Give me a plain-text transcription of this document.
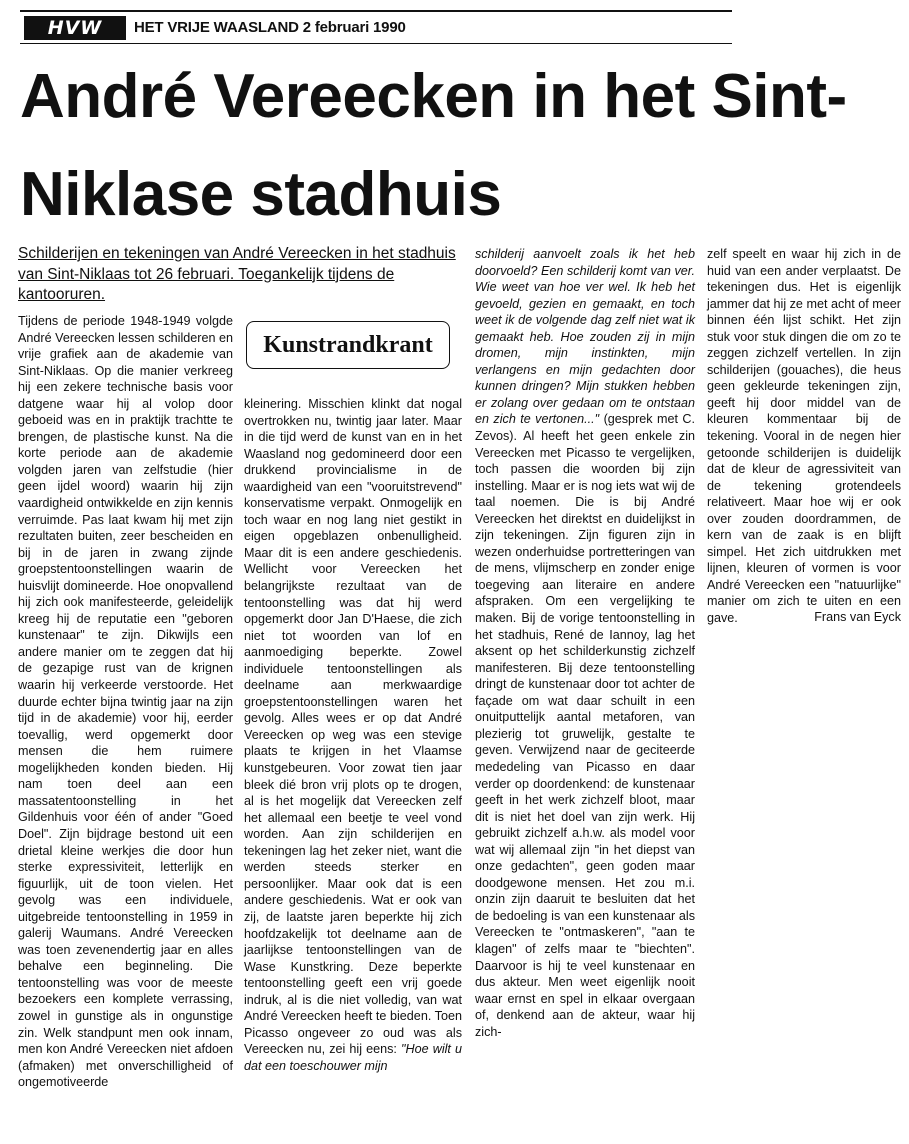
HVW	HET VRIJE WAASLAND 2 februari 1990
André Vereecken in het Sint-Niklase stadhuis

Schilderijen en tekeningen van André Vereecken in het stadhuis van Sint-Niklaas tot 26 februari. Toegankelijk tijdens de kantooruren.

Tijdens de periode 1948-1949 volgde André Vereecken lessen schilderen en vrije grafiek aan de akademie van Sint-Niklaas. Op die manier verkreeg hij een zekere technische basis voor datgene waar hij al volop door geboeid was en in praktijk trachtte te brengen, de plastische kunst. Na die korte periode aan de akademie volgden jaren van zelfstudie (hier geen ijdel woord) waarin hij zijn vaardigheid ontwikkelde en zijn kennis verruimde. Pas laat kwam hij met zijn rezultaten buiten, zeer bescheiden en bij in de jaren in zwang zijnde groepstentoonstellingen waarin de huisvlijt domineerde. Hoe onopvallend hij zich ook manifesteerde, geleidelijk kreeg hij de reputatie een "geboren kunstenaar" te zijn. Dikwijls een andere manier om te zeggen dat hij de gezapige rust van de krignen waarin hij verkeerde verstoorde. Het duurde echter bijna twintig jaar na zijn tijd in de akademie) voor hij, eerder toevallig, werd opgemerkt door mensen die hem ruimere mogelijkheden konden bieden. Hij nam toen deel aan een massatentoonstelling in het Gildenhuis voor één of ander "Goed Doel". Zijn bijdrage bestond uit een drietal kleine werkjes die door hun sterke expressiviteit, letterlijk en figuurlijk, uit de toon vielen. Het gevolg was een individuele, uitgebreide tentoonstelling in 1959 in galerij Waumans. André Vereecken was toen zevenendertig jaar en alles behalve een beginneling. Die tentoonstelling was voor de meeste bezoekers een komplete verrassing, zowel in gunstige als in ongunstige zin. Welk standpunt men ook innam, men kon André Vereecken niet afdoen (afmaken) met onverschilligheid of ongemotiveerde

Kunstrandkrant

kleinering. Misschien klinkt dat nogal overtrokken nu, twintig jaar later. Maar in die tijd werd de kunst van en in het Waasland nog gedomineerd door een drukkend provincialisme in de waardigheid van een "vooruitstrevend" konservatisme verpakt. Onmogelijk en toch waar en nog lang niet gestikt in eigen opgeblazen onbenulligheid. Maar dit is een andere geschiedenis. Wellicht voor Vereecken het belangrijkste rezultaat van de tentoonstelling was dat hij werd opgemerkt door Jan D'Haese, die zich niet tot woorden van lof en aanmoediging beperkte. Zowel individuele tentoonstellingen als deelname aan merkwaardige groepstentoonstellingen waren het gevolg. Alles wees er op dat André Vereecken op weg was een stevige plaats te krijgen in het Vlaamse kunstgebeuren. Voor zowat tien jaar bleek dié bron vrij plots op te drogen, al is het mogelijk dat Vereecken zelf het allemaal een beetje te veel vond worden. Aan zijn schilderijen en tekeningen lag het zeker niet, want die werden steeds sterker en persoonlijker. Maar ook dat is een andere geschiedenis. Wat er ook van zij, de laatste jaren beperkte hij zich hoofdzakelijk tot deelname aan de jaarlijkse tentoonstellingen van de Wase Kunstkring. Deze beperkte tentoonstelling geeft een vrij goede indruk, al is die niet volledig, van wat André Vereecken heeft te bieden. Toen Picasso ongeveer zo oud was als Vereecken nu, zei hij eens: "Hoe wilt u dat een toeschouwer mijn

schilderij aanvoelt zoals ik het heb doorvoeld? Een schilderij komt van ver. Wie weet van hoe ver wel. Ik heb het gevoeld, gezien en gemaakt, en toch weet ik de volgende dag zelf niet wat ik gemaakt heb. Hoe zouden zij in mijn dromen, mijn instinkten, mijn verlangens en mijn gedachten door kunnen dringen? Mijn stukken hebben er zolang over gedaan om te ontstaan en zich te vertonen..." (gesprek met C. Zevos). Al heeft het geen enkele zin Vereecken met Picasso te vergelijken, toch passen die woorden bij zijn instelling. Maar er is nog iets wat wij de taal noemen. Die is bij André Vereecken het direktst en duidelijkst in zijn tekeningen. Zijn figuren zijn in wezen onderhuidse portretteringen van de mens, vlijmscherp en zonder enige toegeving aan literaire en andere afspraken. Om een vergelijking te maken. Bij de vorige tentoonstelling in het stadhuis, René de Iannoy, lag het aksent op het schilderkunstig zichzelf manifesteren. Bij deze tentoonstelling dringt de kunstenaar door tot achter de façade om wat daar schuilt in een onuitputtelijk aantal metaforen, van plezierig tot gruwelijk, gestalte te geven. Verwijzend naar de geciteerde mededeling van Picasso en daar verder op doordenkend: de kunstenaar geeft in het werk zichzelf bloot, maar dit is niet het doel van zijn werk. Hij gebruikt zichzelf a.h.w. als model voor wat wij allemaal zijn "in het diepst van onze gedachten", geen goden maar doodgewone mensen. Het zou m.i. onzin zijn daaruit te besluiten dat het de bedoeling is van een kunstenaar als Vereecken te "ontmaskeren", "aan te klagen" of zelfs maar te "biechten". Daarvoor is hij te veel kunstenaar en dus akteur. Men weet eigenlijk nooit waar ernst en spel in elkaar overgaan of, denkend aan de akteur, waar hij zich-

zelf speelt en waar hij zich in de huid van een ander verplaatst. De tekeningen dus. Het is eigenlijk jammer dat hij ze met acht of meer binnen één lijst schikt. Het zijn stuk voor stuk dingen die om zo te zeggen zichzelf vertellen. In zijn schilderijen (gouaches), die heus geen gekleurde tekeningen zijn, geeft hij door middel van de kleuren kommentaar bij de tekening. Vooral in de negen hier getoonde schilderijen is duidelijk dat de kleur de agressiviteit van de tekening grotendeels relativeert. Maar hoe wij er ook over zouden doordrammen, de kern van de zaak is en blijft simpel. Het zich uitdrukken met lijnen, kleuren of vormen is voor André Vereecken een "natuurlijke" manier om zich te uiten en een gave.	Frans van Eyck
